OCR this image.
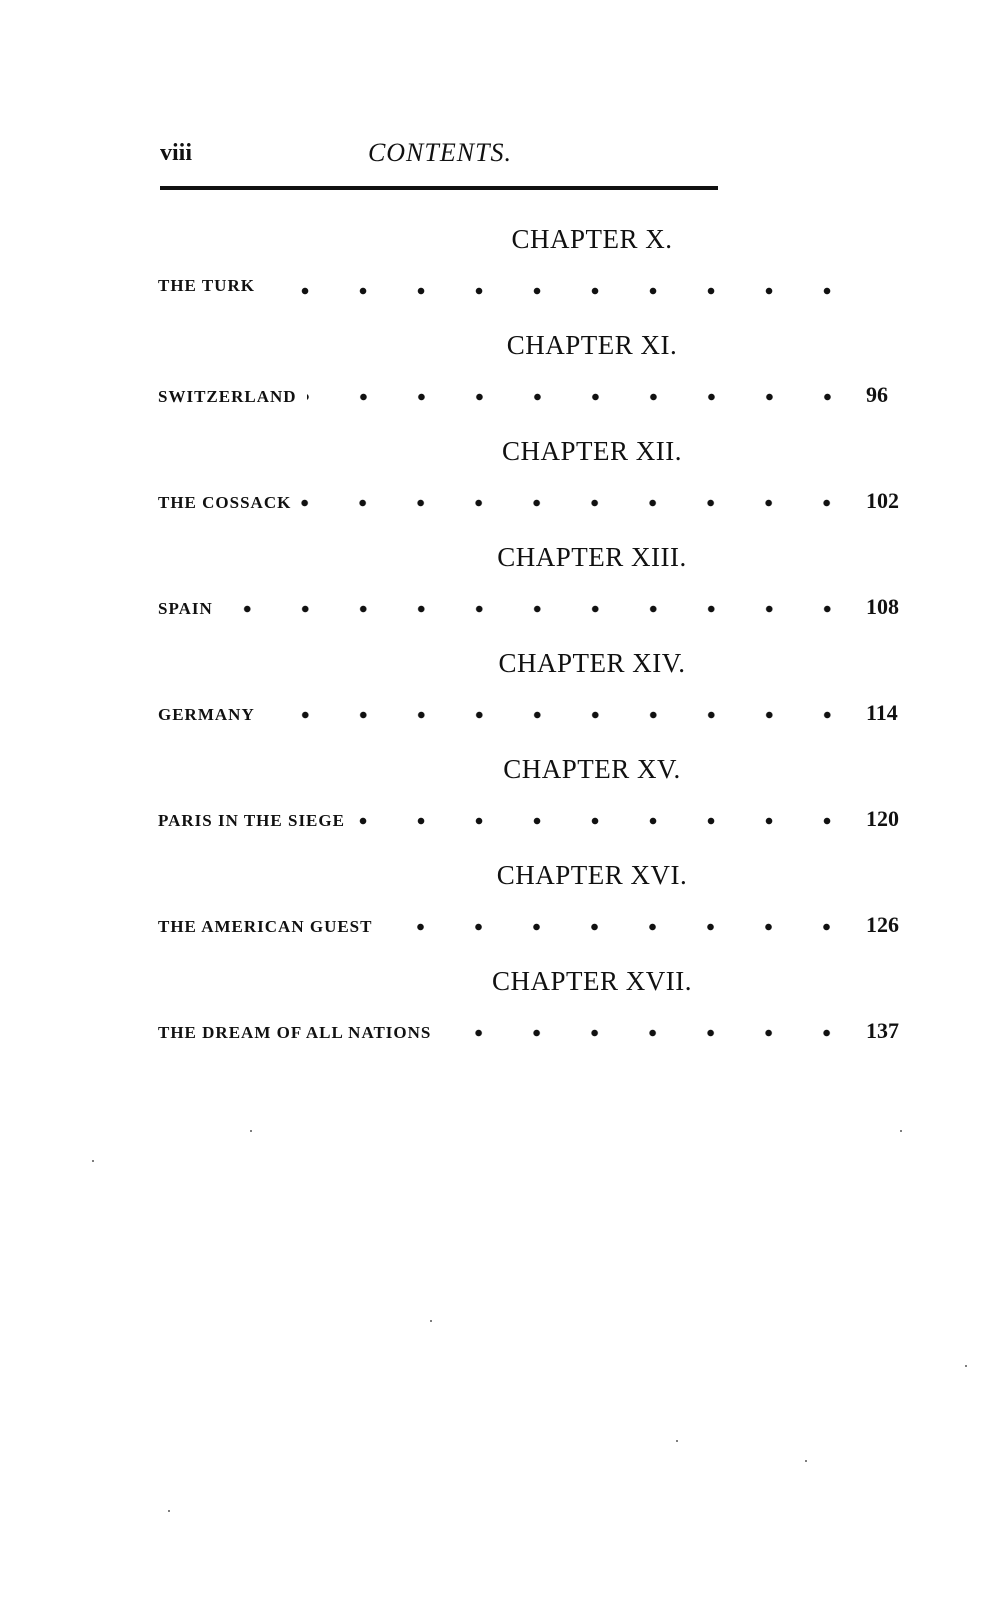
viii	CONTENTS.
CHAPTER X.
THE TURK
CHAPTER XI.
SWITZERLAND	96
CHAPTER XII.
THE COSSACK	102
CHAPTER XIII.
SPAIN	108
CHAPTER XIV.
GERMANY	114
CHAPTER XV.
PARIS IN THE SIEGE	120
CHAPTER XVI.
THE AMERICAN GUEST	126
CHAPTER XVII.
THE DREAM OF ALL NATIONS	137
